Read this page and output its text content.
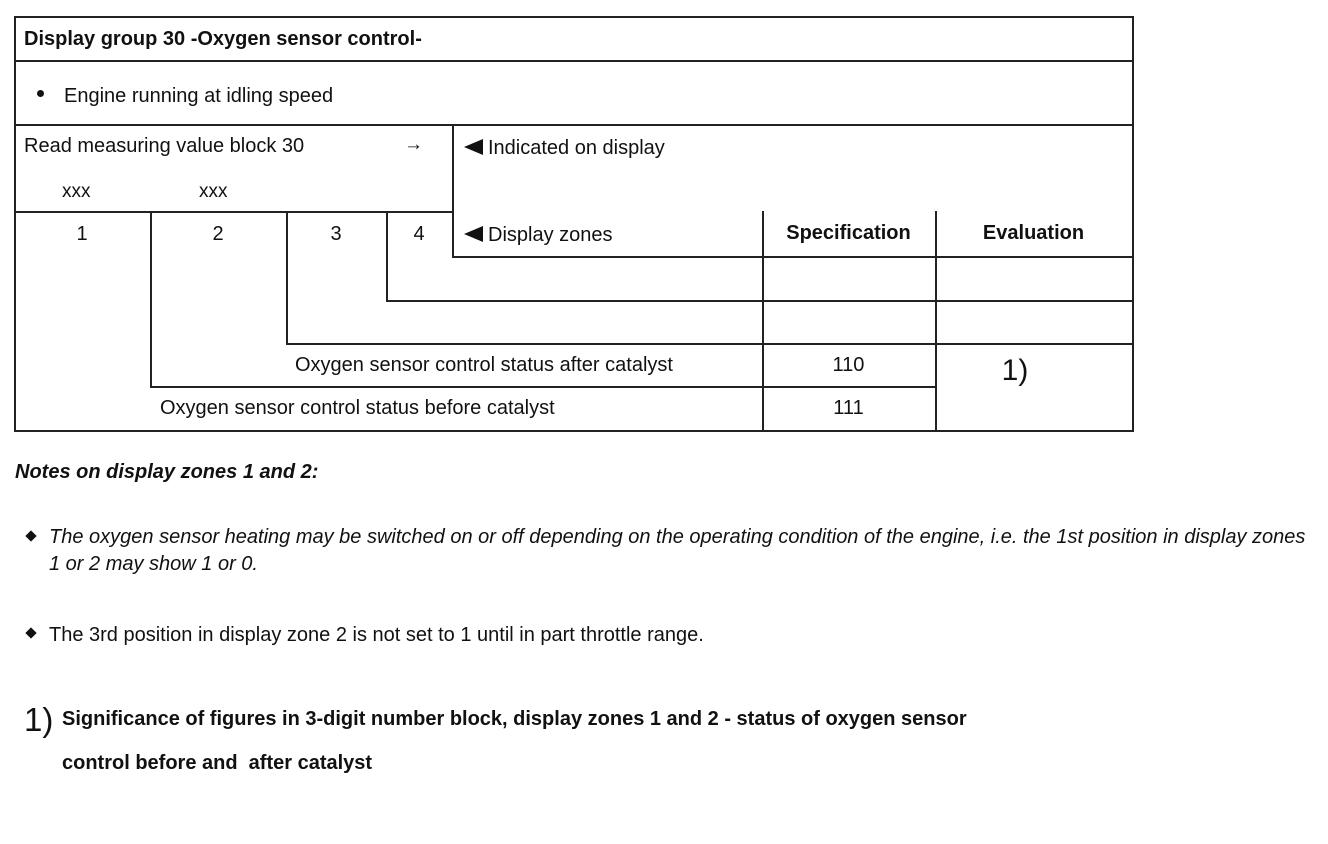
Display group 30 -Oxygen sensor control-
Engine running at idling speed
Read measuring value block 30	→	Indicated on display
xxx	xxx
1	2	3	4	Display zones	Specification	Evaluation
Oxygen sensor control status after catalyst	110
Oxygen sensor control status before catalyst	111
1)
Notes on display zones 1 and 2:
The oxygen sensor heating may be switched on or off depending on the operating condition of the engine, i.e. the 1st position in display zones 1 or 2 may show 1 or 0.
The 3rd position in display zone 2 is not set to 1 until in part throttle range.
1) Significance of figures in 3-digit number block, display zones 1 and 2 - status of oxygen sensor
control before and  after catalyst
